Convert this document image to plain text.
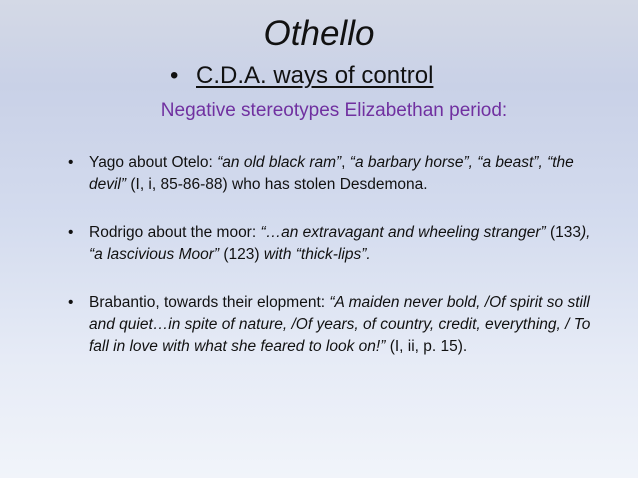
Othello
• C.D.A. ways of control
Negative stereotypes Elizabethan period:
• Yago about Otelo: “an old black ram”, “a barbary horse”, “a beast”, “the devil” (I, i, 85-86-88) who has stolen Desdemona.
• Rodrigo about the moor: “…an extravagant and wheeling stranger” (133), “a lascivious Moor” (123) with “thick-lips”.
• Brabantio, towards their elopment: “A maiden never bold, /Of spirit so still and quiet…in spite of nature, /Of years, of country, credit, everything, / To fall in love with what she feared to look on!” (I, ii, p. 15).
